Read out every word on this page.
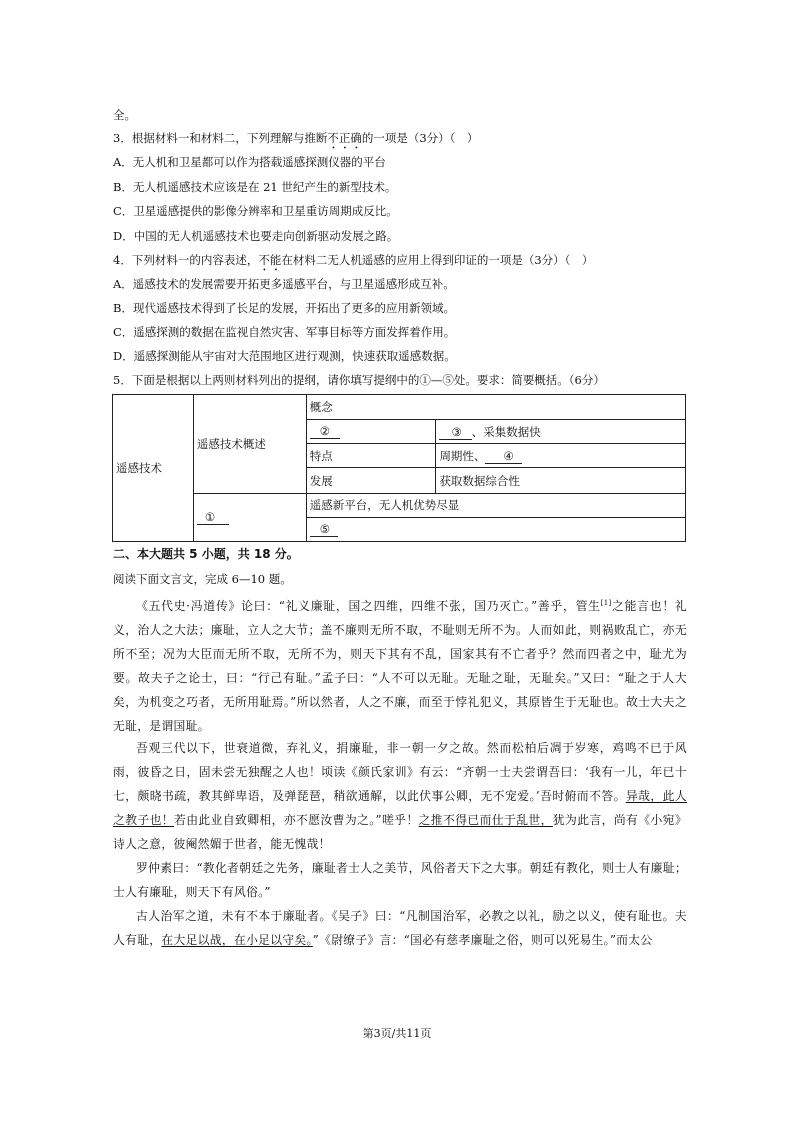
全。
3．根据材料一和材料二，下列理解与推断不正确的一项是（3分）（　）
A．无人机和卫星都可以作为搭载遥感探测仪器的平台
B．无人机遥感技术应该是在 21 世纪产生的新型技术。
C．卫星遥感提供的影像分辨率和卫星重访周期成反比。
D．中国的无人机遥感技术也要走向创新驱动发展之路。
4．下列材料一的内容表述，不能在材料二无人机遥感的应用上得到印证的一项是（3分）（　）
A．遥感技术的发展需要开拓更多遥感平台，与卫星遥感形成互补。
B．现代遥感技术得到了长足的发展，开拓出了更多的应用新领域。
C．遥感探测的数据在监视自然灾害、军事目标等方面发挥着作用。
D．遥感探测能从宇宙对大范围地区进行观测，快速获取遥感数据。
5．下面是根据以上两则材料列出的提纲，请你填写提纲中的①—⑤处。要求：简要概括。（6分）
遥感技术	遥感技术概述	概念	
		②	③ 、采集数据快
		特点	周期性、 ④
		发展	获取数据综合性
	①	遥感新平台，无人机优势尽显	
		⑤	
二、本大题共 5 小题，共 18 分。
阅读下面文言文，完成 6—10 题。
《五代史·冯道传》论曰：“礼义廉耻，国之四维，四维不张，国乃灭亡。”善乎，管生[1]之能言也！礼义，治人之大法；廉耻，立人之大节；盖不廉则无所不取，不耻则无所不为。人而如此，则祸败乱亡，亦无所不至；况为大臣而无所不取，无所不为，则天下其有不乱，国家其有不亡者乎？然而四者之中，耻尤为要。故夫子之论士，曰：“行己有耻。”孟子曰：“人不可以无耻。无耻之耻，无耻矣。”又曰：“耻之于人大矣，为机变之巧者，无所用耻焉。”所以然者，人之不廉，而至于悖礼犯义，其原皆生于无耻也。故士大夫之无耻，是谓国耻。
吾观三代以下，世衰道微，弃礼义，捐廉耻，非一朝一夕之故。然而松柏后凋于岁寒，鸡鸣不已于风雨，彼昏之日，固未尝无独醒之人也！顷读《颜氏家训》有云：“齐朝一士夫尝谓吾曰：‘我有一儿，年已十七，颇晓书疏，教其鲜卑语，及弹琵琶，稍欲通解，以此伏事公卿，无不宠爱。’吾时俯而不答。异哉，此人之教子也！若由此业自致卿相，亦不愿汝曹为之。”嗟乎！之推不得已而仕于乱世，犹为此言，尚有《小宛》诗人之意，彼阉然媚于世者，能无愧哉！
罗仲素曰：“教化者朝廷之先务，廉耻者士人之美节，风俗者天下之大事。朝廷有教化，则士人有廉耻；士人有廉耻，则天下有风俗。”
古人治军之道，未有不本于廉耻者。《吴子》曰：“凡制国治军，必教之以礼，励之以义，使有耻也。夫人有耻，在大足以战，在小足以守矣。”《尉缭子》言：“国必有慈孝廉耻之俗，则可以死易生。”而太公
第3页/共11页
